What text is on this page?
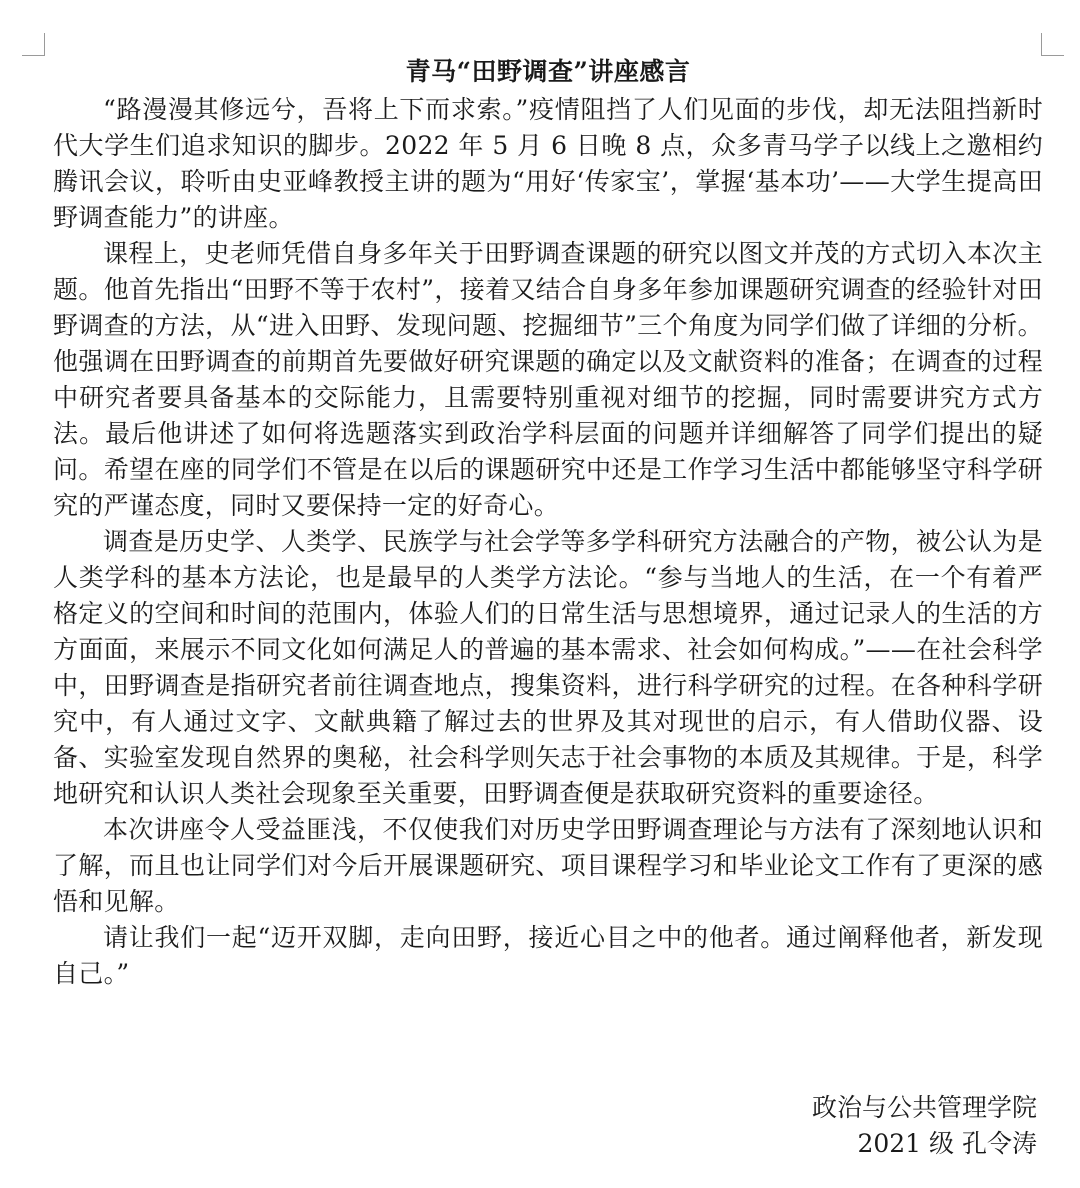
青马“田野调查”讲座感言

“路漫漫其修远兮，吾将上下而求索。”疫情阻挡了人们见面的步伐，却无法阻挡新时代大学生们追求知识的脚步。2022 年 5 月 6 日晚 8 点，众多青马学子以线上之邀相约腾讯会议，聆听由史亚峰教授主讲的题为“用好‘传家宝’，掌握‘基本功’——大学生提高田野调查能力”的讲座。

课程上，史老师凭借自身多年关于田野调查课题的研究以图文并茂的方式切入本次主题。他首先指出“田野不等于农村”，接着又结合自身多年参加课题研究调查的经验针对田野调查的方法，从“进入田野、发现问题、挖掘细节”三个角度为同学们做了详细的分析。他强调在田野调查的前期首先要做好研究课题的确定以及文献资料的准备；在调查的过程中研究者要具备基本的交际能力，且需要特别重视对细节的挖掘，同时需要讲究方式方法。最后他讲述了如何将选题落实到政治学科层面的问题并详细解答了同学们提出的疑问。希望在座的同学们不管是在以后的课题研究中还是工作学习生活中都能够坚守科学研究的严谨态度，同时又要保持一定的好奇心。

调查是历史学、人类学、民族学与社会学等多学科研究方法融合的产物，被公认为是人类学科的基本方法论，也是最早的人类学方法论。“参与当地人的生活，在一个有着严格定义的空间和时间的范围内，体验人们的日常生活与思想境界，通过记录人的生活的方方面面，来展示不同文化如何满足人的普遍的基本需求、社会如何构成。”——在社会科学中，田野调查是指研究者前往调查地点，搜集资料，进行科学研究的过程。在各种科学研究中，有人通过文字、文献典籍了解过去的世界及其对现世的启示，有人借助仪器、设备、实验室发现自然界的奥秘，社会科学则矢志于社会事物的本质及其规律。于是，科学地研究和认识人类社会现象至关重要，田野调查便是获取研究资料的重要途径。

本次讲座令人受益匪浅，不仅使我们对历史学田野调查理论与方法有了深刻地认识和了解，而且也让同学们对今后开展课题研究、项目课程学习和毕业论文工作有了更深的感悟和见解。

请让我们一起“迈开双脚，走向田野，接近心目之中的他者。通过阐释他者，新发现自己。”

政治与公共管理学院
2021 级 孔令涛
